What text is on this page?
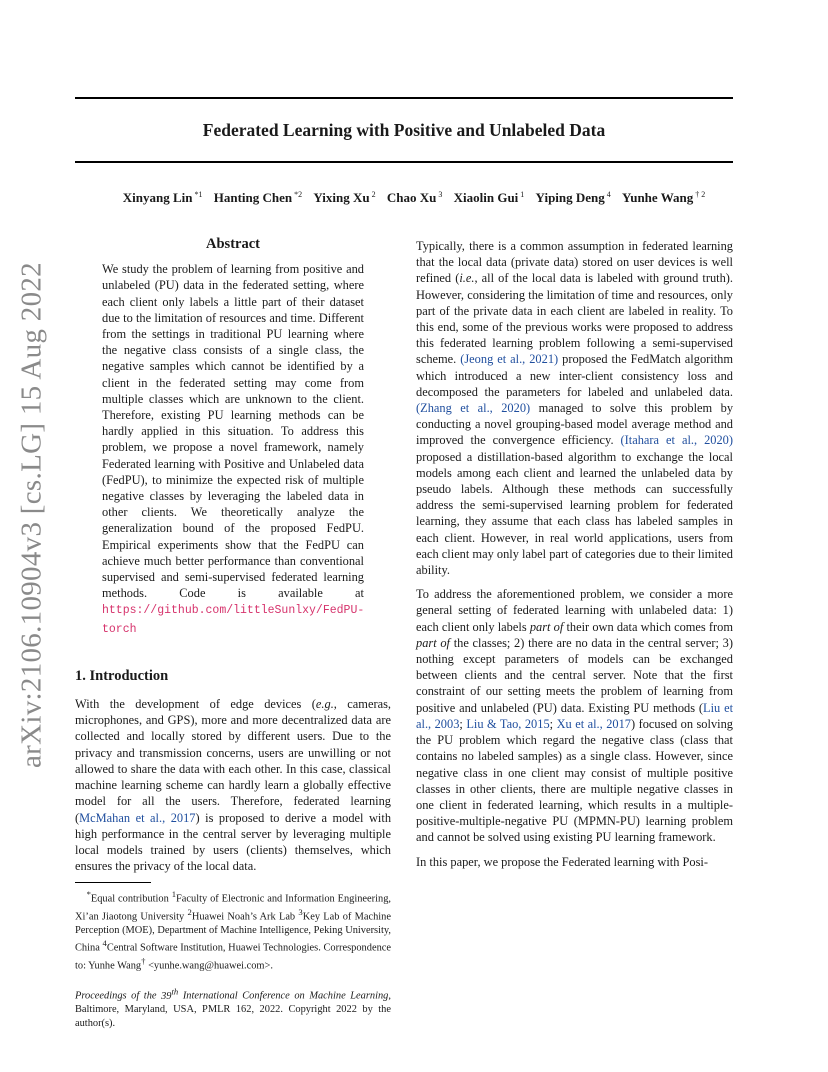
arXiv:2106.10904v3 [cs.LG] 15 Aug 2022
Federated Learning with Positive and Unlabeled Data
Xinyang Lin $^{*1}$ Hanting Chen $^{*2}$ Yixing Xu $^2$ Chao Xu $^3$ Xiaolin Gui $^1$ Yiping Deng $^4$ Yunhe Wang $^{\dagger 2}$
Abstract

We study the problem of learning from positive and unlabeled (PU) data in the federated setting, where each client only labels a little part of their dataset due to the limitation of resources and time. Different from the settings in traditional PU learning where the negative class consists of a single class, the negative samples which cannot be identified by a client in the federated setting may come from multiple classes which are unknown to the client. Therefore, existing PU learning methods can be hardly applied in this situation. To address this problem, we propose a novel framework, namely Federated learning with Positive and Unlabeled data (FedPU), to minimize the expected risk of multiple negative classes by leveraging the labeled data in other clients. We theoretically analyze the generalization bound of the proposed FedPU. Empirical experiments show that the FedPU can achieve much better performance than conventional supervised and semi-supervised federated learning methods. Code is available at https://github.com/littleSunlxy/FedPU-torch

1. Introduction

With the development of edge devices (e.g., cameras, microphones, and GPS), more and more decentralized data are collected and locally stored by different users. Due to the privacy and transmission concerns, users are unwilling or not allowed to share the data with each other. In this case, classical machine learning scheme can hardly learn a globally effective model for all the users. Therefore, federated learning (McMahan et al., 2017) is proposed to derive a model with high performance in the central server by leveraging multiple local models trained by users (clients) themselves, which ensures the privacy of the local data.

*Equal contribution $^1$Faculty of Electronic and Information Engineering, Xi’an Jiaotong University $^2$Huawei Noah’s Ark Lab $^3$Key Lab of Machine Perception (MOE), Department of Machine Intelligence, Peking University, China $^4$Central Software Institution, Huawei Technologies. Correspondence to: Yunhe Wang† <yunhe.wang@huawei.com>.

Proceedings of the 39th International Conference on Machine Learning, Baltimore, Maryland, USA, PMLR 162, 2022. Copyright 2022 by the author(s).

Typically, there is a common assumption in federated learning that the local data (private data) stored on user devices is well refined (i.e., all of the local data is labeled with ground truth). However, considering the limitation of time and resources, only part of the private data in each client are labeled in reality. To this end, some of the previous works were proposed to address this federated learning problem following a semi-supervised scheme. (Jeong et al., 2021) proposed the FedMatch algorithm which introduced a new inter-client consistency loss and decomposed the parameters for labeled and unlabeled data. (Zhang et al., 2020) managed to solve this problem by conducting a novel grouping-based model average method and improved the convergence efficiency. (Itahara et al., 2020) proposed a distillation-based algorithm to exchange the local models among each client and learned the unlabeled data by pseudo labels. Although these methods can successfully address the semi-supervised learning problem for federated learning, they assume that each class has labeled samples in each client. However, in real world applications, users from each client may only label part of categories due to their limited ability.

To address the aforementioned problem, we consider a more general setting of federated learning with unlabeled data: 1) each client only labels part of their own data which comes from part of the classes; 2) there are no data in the central server; 3) nothing except parameters of models can be exchanged between clients and the central server. Note that the first constraint of our setting meets the problem of learning from positive and unlabeled (PU) data. Existing PU methods (Liu et al., 2003; Liu & Tao, 2015; Xu et al., 2017) focused on solving the PU problem which regard the negative class (class that contains no labeled samples) as a single class. However, since negative class in one client may consist of multiple positive classes in other clients, there are multiple negative classes in one client in federated learning, which results in a multiple-positive-multiple-negative PU (MPMN-PU) learning problem and cannot be solved using existing PU learning framework.

In this paper, we propose the Federated learning with Posi-
